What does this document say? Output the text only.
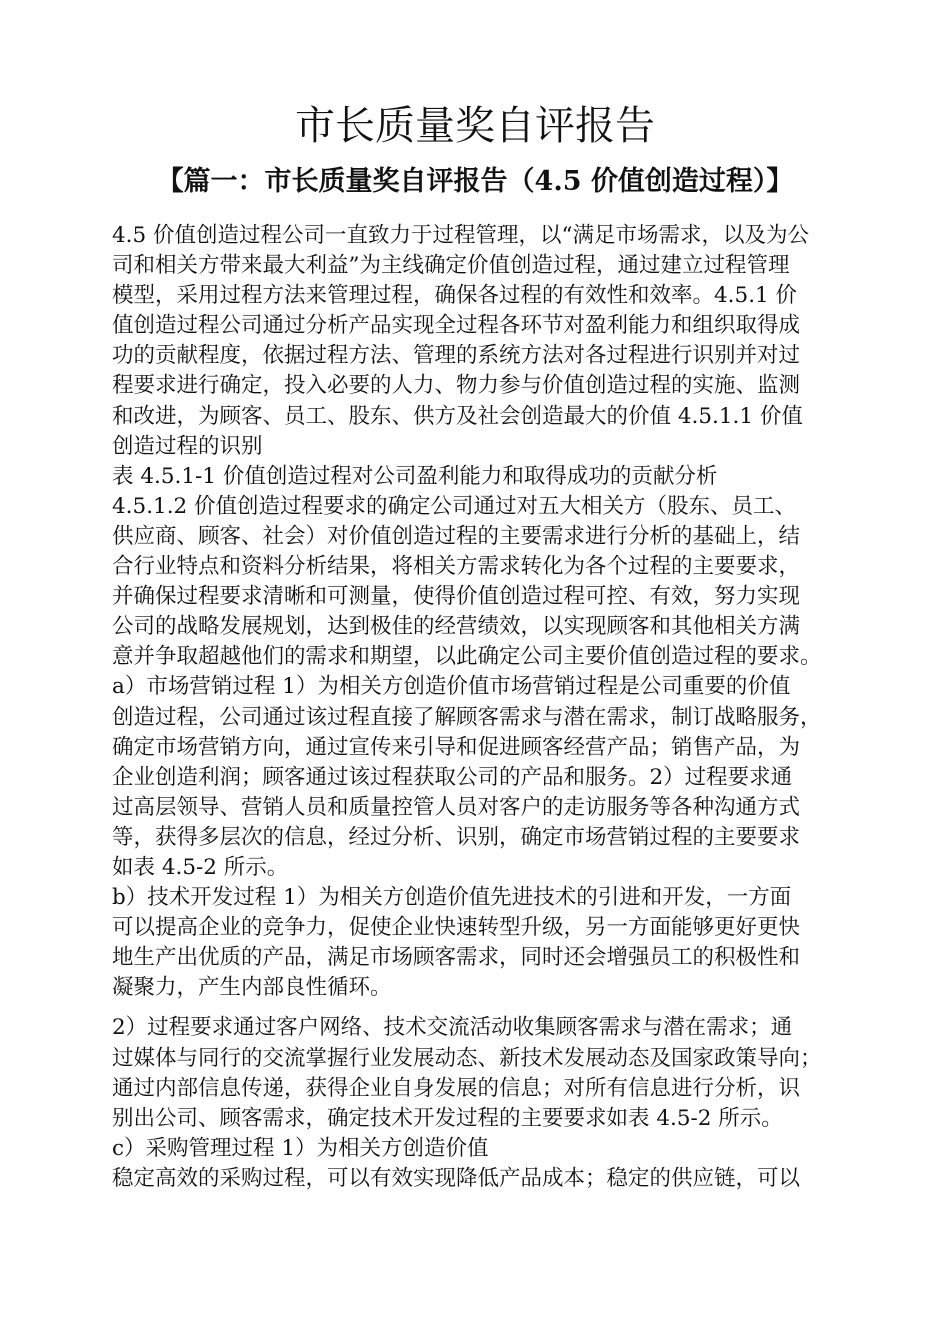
市长质量奖自评报告
【篇一：市长质量奖自评报告（4.5 价值创造过程）】
4.5 价值创造过程公司一直致力于过程管理，以“满足市场需求，以及为公
司和相关方带来最大利益”为主线确定价值创造过程，通过建立过程管理
模型，采用过程方法来管理过程，确保各过程的有效性和效率。4.5.1 价
值创造过程公司通过分析产品实现全过程各环节对盈利能力和组织取得成
功的贡献程度，依据过程方法、管理的系统方法对各过程进行识别并对过
程要求进行确定，投入必要的人力、物力参与价值创造过程的实施、监测
和改进，为顾客、员工、股东、供方及社会创造最大的价值 4.5.1.1 价值
创造过程的识别
表 4.5.1-1 价值创造过程对公司盈利能力和取得成功的贡献分析
4.5.1.2 价值创造过程要求的确定公司通过对五大相关方（股东、员工、
供应商、顾客、社会）对价值创造过程的主要需求进行分析的基础上，结
合行业特点和资料分析结果，将相关方需求转化为各个过程的主要要求，
并确保过程要求清晰和可测量，使得价值创造过程可控、有效，努力实现
公司的战略发展规划，达到极佳的经营绩效，以实现顾客和其他相关方满
意并争取超越他们的需求和期望，以此确定公司主要价值创造过程的要求。
a）市场营销过程 1）为相关方创造价值市场营销过程是公司重要的价值
创造过程，公司通过该过程直接了解顾客需求与潜在需求，制订战略服务，
确定市场营销方向，通过宣传来引导和促进顾客经营产品；销售产品，为
企业创造利润；顾客通过该过程获取公司的产品和服务。2）过程要求通
过高层领导、营销人员和质量控管人员对客户的走访服务等各种沟通方式
等，获得多层次的信息，经过分析、识别，确定市场营销过程的主要要求
如表 4.5-2 所示。
b）技术开发过程 1）为相关方创造价值先进技术的引进和开发，一方面
可以提高企业的竞争力，促使企业快速转型升级，另一方面能够更好更快
地生产出优质的产品，满足市场顾客需求，同时还会增强员工的积极性和
凝聚力，产生内部良性循环。
2）过程要求通过客户网络、技术交流活动收集顾客需求与潜在需求；通
过媒体与同行的交流掌握行业发展动态、新技术发展动态及国家政策导向；
通过内部信息传递，获得企业自身发展的信息；对所有信息进行分析，识
别出公司、顾客需求，确定技术开发过程的主要要求如表 4.5-2 所示。
c）采购管理过程 1）为相关方创造价值
稳定高效的采购过程，可以有效实现降低产品成本；稳定的供应链，可以
